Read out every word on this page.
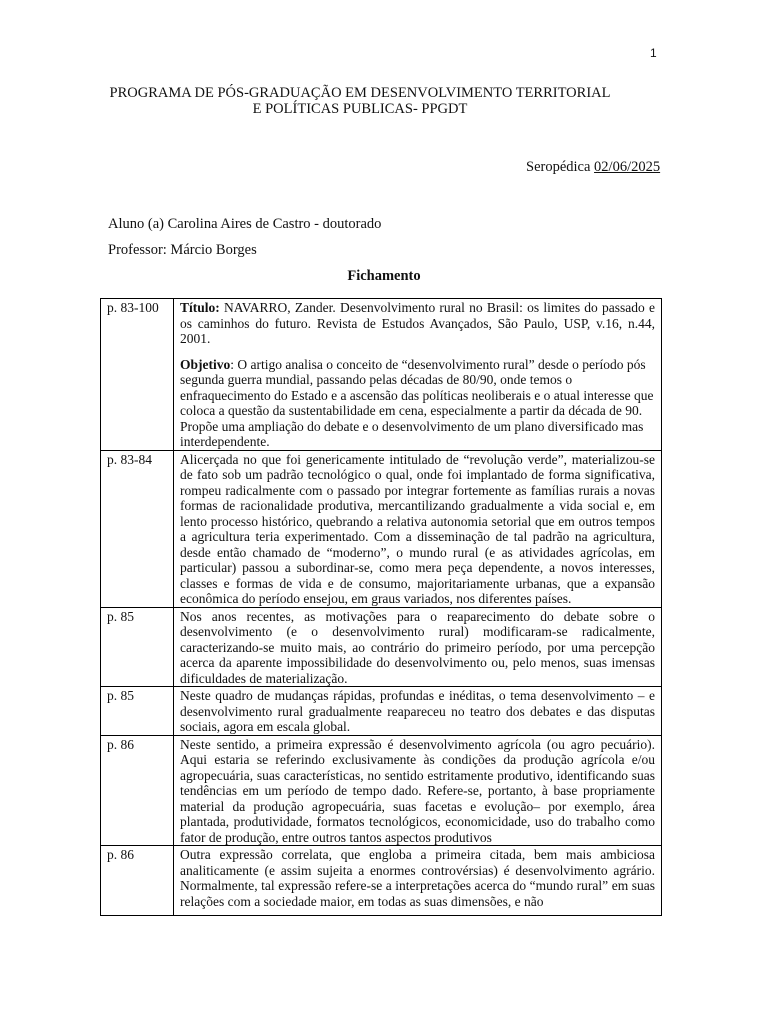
1
PROGRAMA DE PÓS-GRADUAÇÃO EM DESENVOLVIMENTO TERRITORIAL
E POLÍTICAS PUBLICAS- PPGDT
Seropédica 02/06/2025
Aluno (a) Carolina Aires de Castro - doutorado
Professor: Márcio Borges
Fichamento
p. 83-100	Título: NAVARRO, Zander. Desenvolvimento rural no Brasil: os limites do passado e os caminhos do futuro. Revista de Estudos Avançados, São Paulo, USP, v.16, n.44, 2001.
Objetivo: O artigo analisa o conceito de “desenvolvimento rural” desde o período pós segunda guerra mundial, passando pelas décadas de 80/90, onde temos o enfraquecimento do Estado e a ascensão das políticas neoliberais e o atual interesse que coloca a questão da sustentabilidade em cena, especialmente a partir da década de 90. Propõe uma ampliação do debate e o desenvolvimento de um plano diversificado mas interdependente.

p. 83-84	Alicerçada no que foi genericamente intitulado de “revolução verde”, materializou-se de fato sob um padrão tecnológico o qual, onde foi implantado de forma significativa, rompeu radicalmente com o passado por integrar fortemente as famílias rurais a novas formas de racionalidade produtiva, mercantilizando gradualmente a vida social e, em lento processo histórico, quebrando a relativa autonomia setorial que em outros tempos a agricultura teria experimentado. Com a disseminação de tal padrão na agricultura, desde então chamado de “moderno”, o mundo rural (e as atividades agrícolas, em particular) passou a subordinar-se, como mera peça dependente, a novos interesses, classes e formas de vida e de consumo, majoritariamente urbanas, que a expansão econômica do período ensejou, em graus variados, nos diferentes países.
p. 85	Nos anos recentes, as motivações para o reaparecimento do debate sobre o desenvolvimento (e o desenvolvimento rural) modificaram-se radicalmente, caracterizando-se muito mais, ao contrário do primeiro período, por uma percepção acerca da aparente impossibilidade do desenvolvimento ou, pelo menos, suas imensas dificuldades de materialização.
p. 85	Neste quadro de mudanças rápidas, profundas e inéditas, o tema desenvolvimento – e desenvolvimento rural gradualmente reapareceu no teatro dos debates e das disputas sociais, agora em escala global.
p. 86	Neste sentido, a primeira expressão é desenvolvimento agrícola (ou agro pecuário). Aqui estaria se referindo exclusivamente às condições da produção agrícola e/ou agropecuária, suas características, no sentido estritamente produtivo, identificando suas tendências em um período de tempo dado. Refere-se, portanto, à base propriamente material da produção agropecuária, suas facetas e evolução– por exemplo, área plantada, produtividade, formatos tecnológicos, economicidade, uso do trabalho como fator de produção, entre outros tantos aspectos produtivos
p. 86	Outra expressão correlata, que engloba a primeira citada, bem mais ambiciosa analiticamente (e assim sujeita a enormes controvérsias) é desenvolvimento agrário. Normalmente, tal expressão refere-se a interpretações acerca do “mundo rural” em suas relações com a sociedade maior, em todas as suas dimensões, e não
